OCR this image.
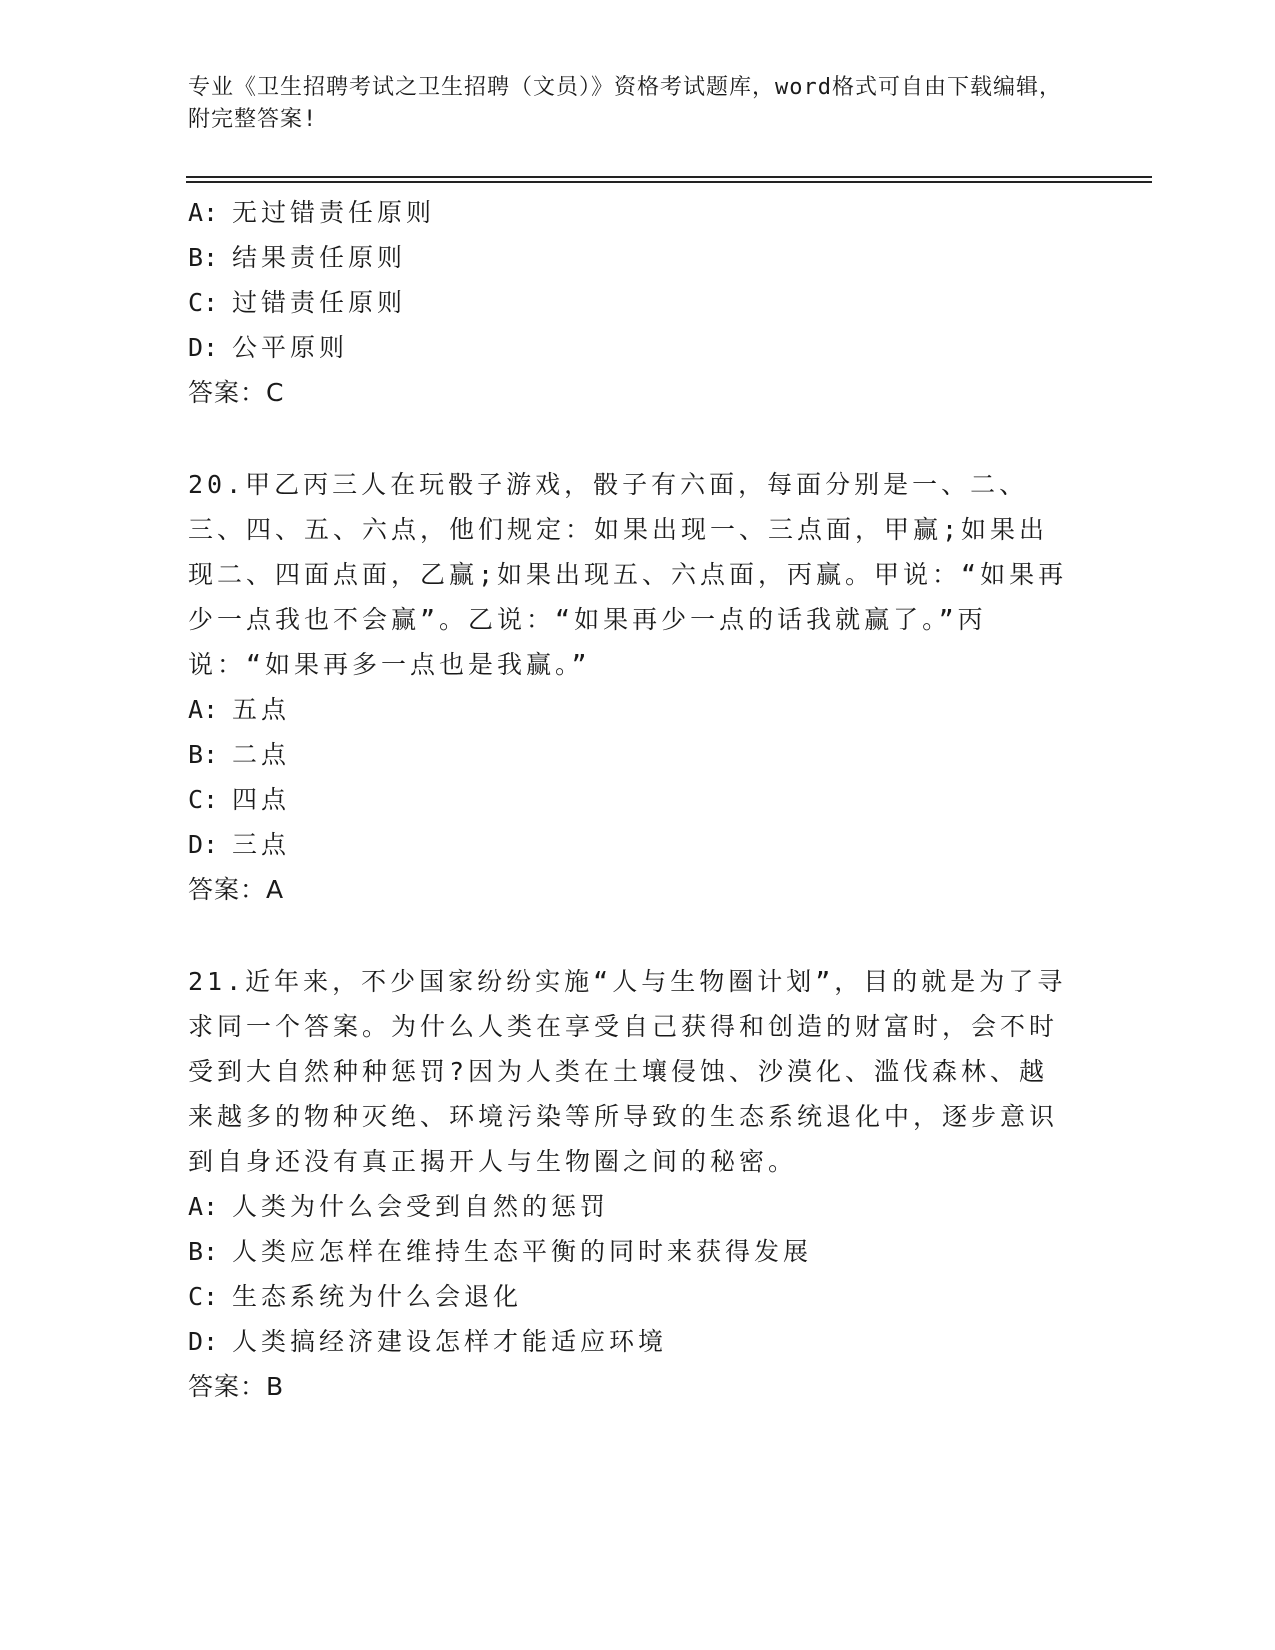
专业《卫生招聘考试之卫生招聘（文员）》资格考试题库，word格式可自由下载编辑，附完整答案!
A: 无过错责任原则
B: 结果责任原则
C: 过错责任原则
D: 公平原则
答案：C
20.甲乙丙三人在玩骰子游戏，骰子有六面，每面分别是一、二、三、四、五、六点，他们规定：如果出现一、三点面，甲赢;如果出现二、四面点面，乙赢;如果出现五、六点面，丙赢。甲说：“如果再少一点我也不会赢”。乙说：“如果再少一点的话我就赢了。”丙说：“如果再多一点也是我赢。”
A: 五点
B: 二点
C: 四点
D: 三点
答案：A
21.近年来，不少国家纷纷实施“人与生物圈计划”，目的就是为了寻求同一个答案。为什么人类在享受自己获得和创造的财富时，会不时受到大自然种种惩罚?因为人类在土壤侵蚀、沙漠化、滥伐森林、越来越多的物种灭绝、环境污染等所导致的生态系统退化中，逐步意识到自身还没有真正揭开人与生物圈之间的秘密。
A: 人类为什么会受到自然的惩罚
B: 人类应怎样在维持生态平衡的同时来获得发展
C: 生态系统为什么会退化
D: 人类搞经济建设怎样才能适应环境
答案：B
